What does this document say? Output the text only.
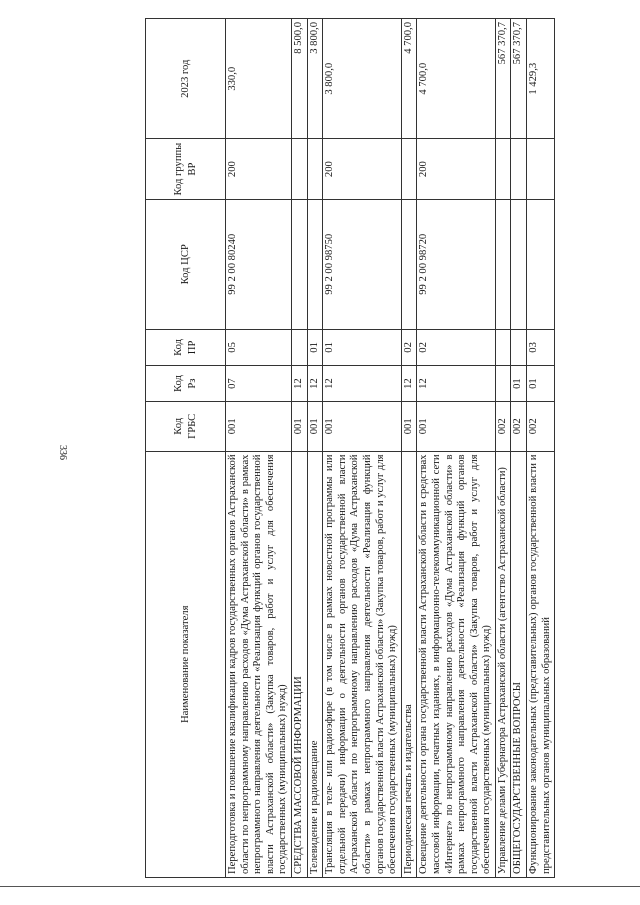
336
Наименование показателя	Код ГРБС	Код Рз	Код ПР	Код ЦСР	Код группы ВР	2023 год
Переподготовка и повышение квалификации кадров государственных органов Астраханской области по непрограммному направлению расходов «Дума Астраханской области» в рамках непрограммного направления деятельности «Реализация функций органов государственной власти Астраханской области» (Закупка товаров, работ и услуг для обеспечения государственных (муниципальных) нужд)	001	07	05	99 2 00 80240	200	330,0
СРЕДСТВА МАССОВОЙ ИНФОРМАЦИИ	001	12				8 500,0
Телевидение и радиовещание	001	12	01			3 800,0
Трансляция в теле- или радиоэфире (в том числе в рамках новостной программы или отдельной передачи) информации о деятельности органов государственной власти Астраханской области по непрограммному направлению расходов «Дума Астраханской области» в рамках непрограммного направления деятельности «Реализация функций органов государственной власти Астраханской области» (Закупка товаров, работ и услуг для обеспечения государственных (муниципальных) нужд)	001	12	01	99 2 00 98750	200	3 800,0
Периодическая печать и издательства	001	12	02			4 700,0
Освещение деятельности органа государственной власти Астраханской области в средствах массовой информации, печатных изданиях, в информационно-телекоммуникационной сети «Интернет» по непрограммному направлению расходов «Дума Астраханской области» в рамках непрограммного направления деятельности «Реализация функций органов государственной власти Астраханской области» (Закупка товаров, работ и услуг для обеспечения государственных (муниципальных) нужд)	001	12	02	99 2 00 98720	200	4 700,0
Управление делами Губернатора Астраханской области (агентство Астраханской области)	002					567 370,7
ОБЩЕГОСУДАРСТВЕННЫЕ ВОПРОСЫ	002	01				567 370,7
Функционирование законодательных (представительных) органов государственной власти и представительных органов муниципальных образований	002	01	03			1 429,3
